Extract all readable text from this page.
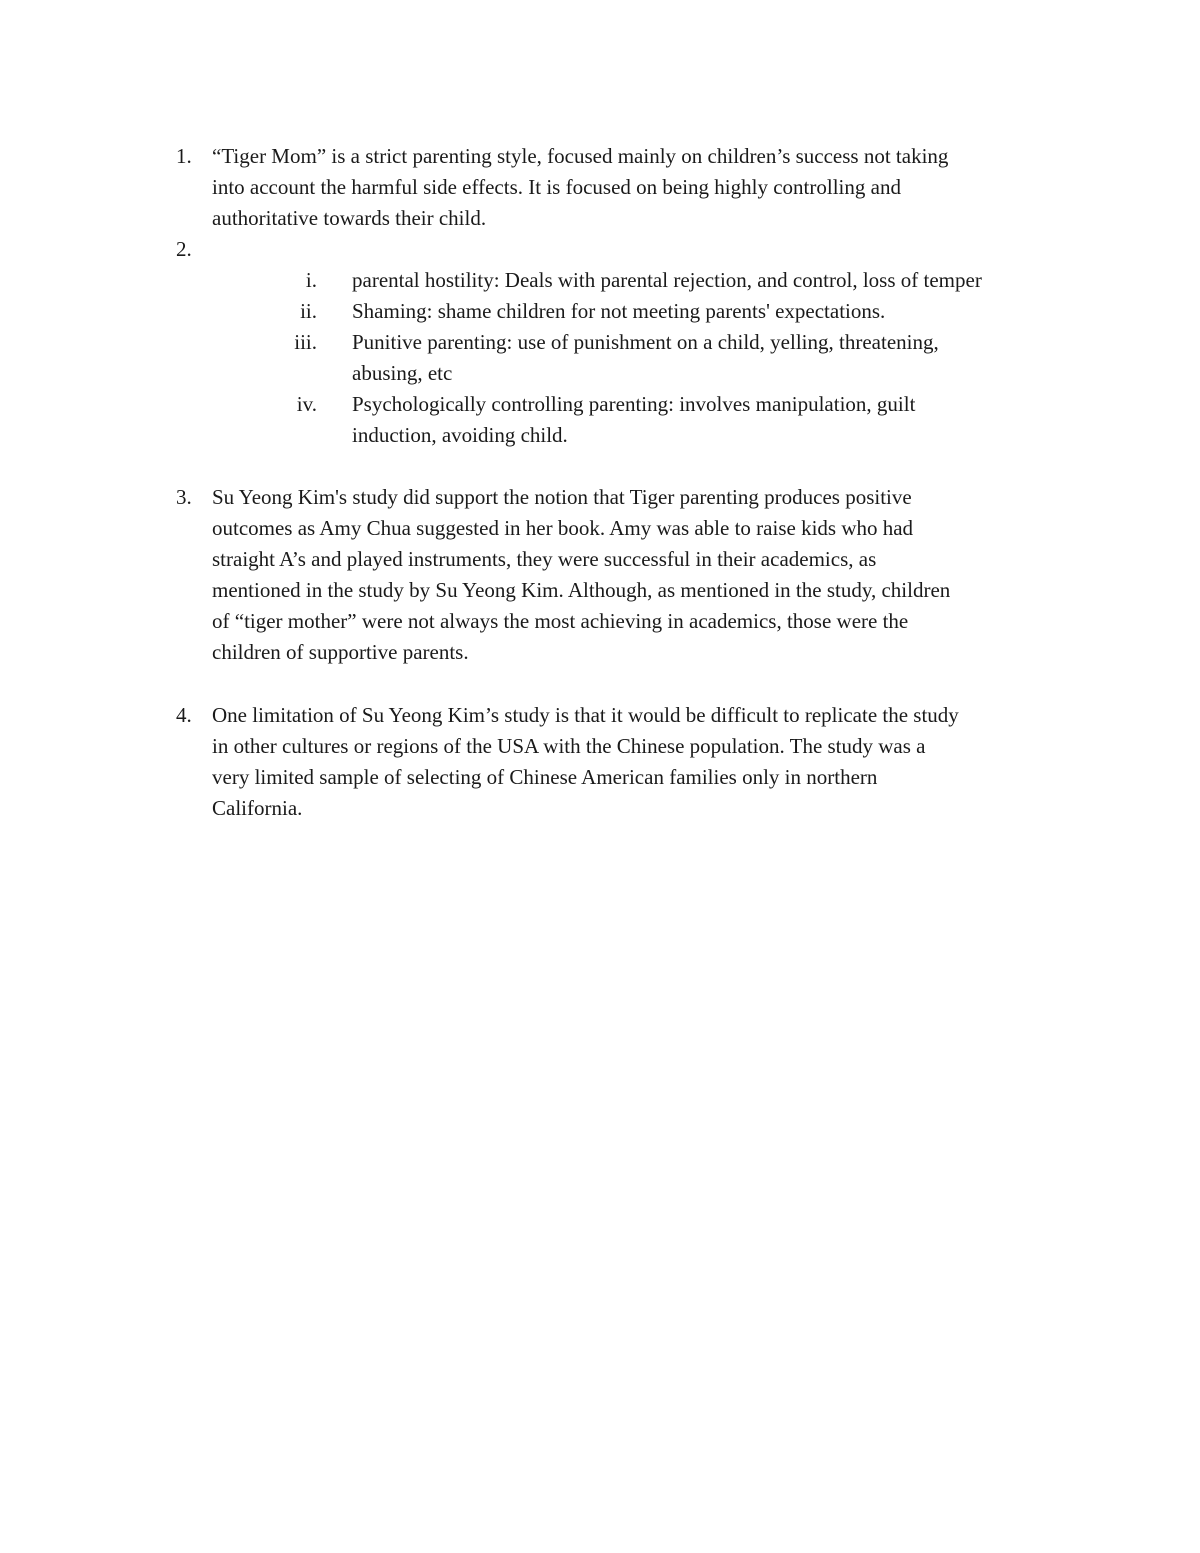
1. “Tiger Mom” is a strict parenting style, focused mainly on children’s success not taking
into account the harmful side effects. It is focused on being highly controlling and
authoritative towards their child.
2.
i. parental hostility: Deals with parental rejection, and control, loss of temper
ii. Shaming: shame children for not meeting parents' expectations.
iii. Punitive parenting: use of punishment on a child, yelling, threatening,
abusing, etc
iv. Psychologically controlling parenting: involves manipulation, guilt
induction, avoiding child.
3. Su Yeong Kim's study did support the notion that Tiger parenting produces positive
outcomes as Amy Chua suggested in her book. Amy was able to raise kids who had
straight A’s and played instruments, they were successful in their academics, as
mentioned in the study by Su Yeong Kim. Although, as mentioned in the study, children
of “tiger mother” were not always the most achieving in academics, those were the
children of supportive parents.
4. One limitation of Su Yeong Kim’s study is that it would be difficult to replicate the study
in other cultures or regions of the USA with the Chinese population. The study was a
very limited sample of selecting of Chinese American families only in northern
California.
